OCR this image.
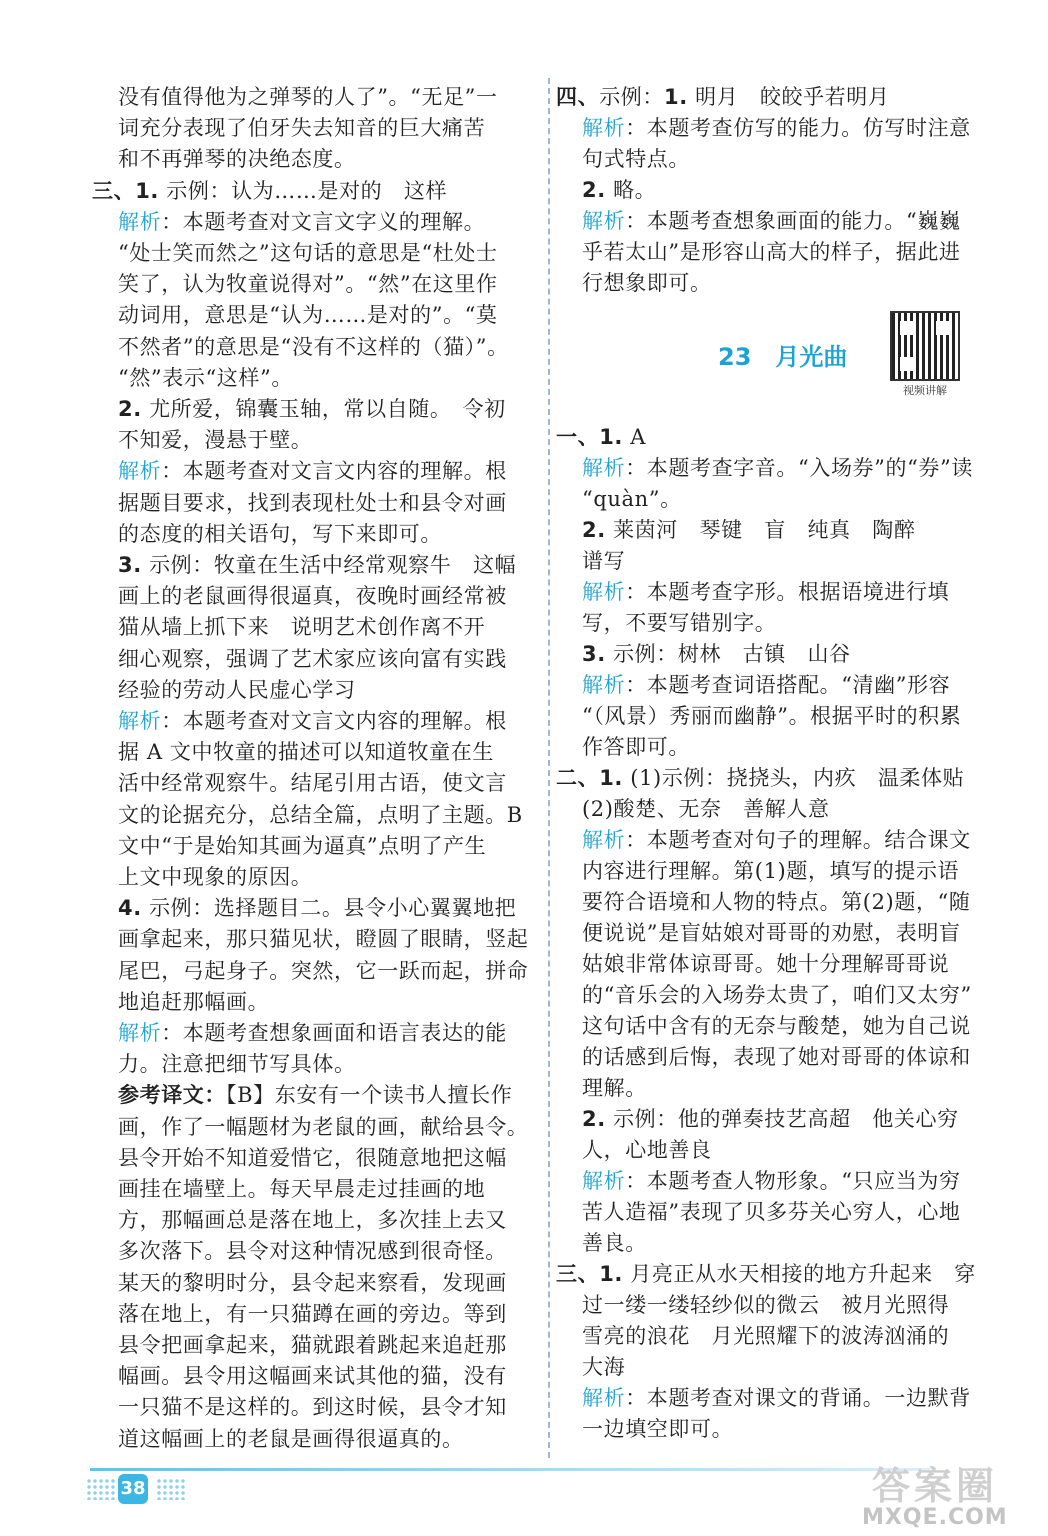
没有值得他为之弹琴的人了”。“无足”一
词充分表现了伯牙失去知音的巨大痛苦
和不再弹琴的决绝态度。
三、1. 示例：认为……是对的　这样
解析：本题考查对文言文字义的理解。
“处士笑而然之”这句话的意思是“杜处士
笑了，认为牧童说得对”。“然”在这里作
动词用，意思是“认为……是对的”。“莫
不然者”的意思是“没有不这样的（猫）”。
“然”表示“这样”。
2. 尤所爱，锦囊玉轴，常以自随。　令初
不知爱，漫悬于壁。
解析：本题考查对文言文内容的理解。根
据题目要求，找到表现杜处士和县令对画
的态度的相关语句，写下来即可。
3. 示例：牧童在生活中经常观察牛　这幅
画上的老鼠画得很逼真，夜晚时画经常被
猫从墙上抓下来　说明艺术创作离不开
细心观察，强调了艺术家应该向富有实践
经验的劳动人民虚心学习
解析：本题考查对文言文内容的理解。根
据 A 文中牧童的描述可以知道牧童在生
活中经常观察牛。结尾引用古语，使文言
文的论据充分，总结全篇，点明了主题。B
文中“于是始知其画为逼真”点明了产生
上文中现象的原因。
4. 示例：选择题目二。县令小心翼翼地把
画拿起来，那只猫见状，瞪圆了眼睛，竖起
尾巴，弓起身子。突然，它一跃而起，拼命
地追赶那幅画。
解析：本题考查想象画面和语言表达的能
力。注意把细节写具体。
参考译文：【B】东安有一个读书人擅长作
画，作了一幅题材为老鼠的画，献给县令。
县令开始不知道爱惜它，很随意地把这幅
画挂在墙壁上。每天早晨走过挂画的地
方，那幅画总是落在地上，多次挂上去又
多次落下。县令对这种情况感到很奇怪。
某天的黎明时分，县令起来察看，发现画
落在地上，有一只猫蹲在画的旁边。等到
县令把画拿起来，猫就跟着跳起来追赶那
幅画。县令用这幅画来试其他的猫，没有
一只猫不是这样的。到这时候，县令才知
道这幅画上的老鼠是画得很逼真的。
四、示例：1. 明月　皎皎乎若明月
解析：本题考查仿写的能力。仿写时注意
句式特点。
2. 略。
解析：本题考查想象画面的能力。“巍巍
乎若太山”是形容山高大的样子，据此进
行想象即可。
一、1. A
解析：本题考查字音。“入场券”的“券”读
“quàn”。
2. 莱茵河　琴键　盲　纯真　陶醉
谱写
解析：本题考查字形。根据语境进行填
写，不要写错别字。
3. 示例：树林　古镇　山谷
解析：本题考查词语搭配。“清幽”形容
“（风景）秀丽而幽静”。根据平时的积累
作答即可。
二、1. (1)示例：挠挠头，内疚　温柔体贴
(2)酸楚、无奈　善解人意
解析：本题考查对句子的理解。结合课文
内容进行理解。第(1)题，填写的提示语
要符合语境和人物的特点。第(2)题，“随
便说说”是盲姑娘对哥哥的劝慰，表明盲
姑娘非常体谅哥哥。她十分理解哥哥说
的“音乐会的入场券太贵了，咱们又太穷”
这句话中含有的无奈与酸楚，她为自己说
的话感到后悔，表现了她对哥哥的体谅和
理解。
2. 示例：他的弹奏技艺高超　他关心穷
人，心地善良
解析：本题考查人物形象。“只应当为穷
苦人造福”表现了贝多芬关心穷人，心地
善良。
三、1. 月亮正从水天相接的地方升起来　穿
过一缕一缕轻纱似的微云　被月光照得
雪亮的浪花　月光照耀下的波涛汹涌的
大海
解析：本题考查对课文的背诵。一边默背
一边填空即可。
23 月光曲
视频讲解
38	答案圈
MXQE.COM
